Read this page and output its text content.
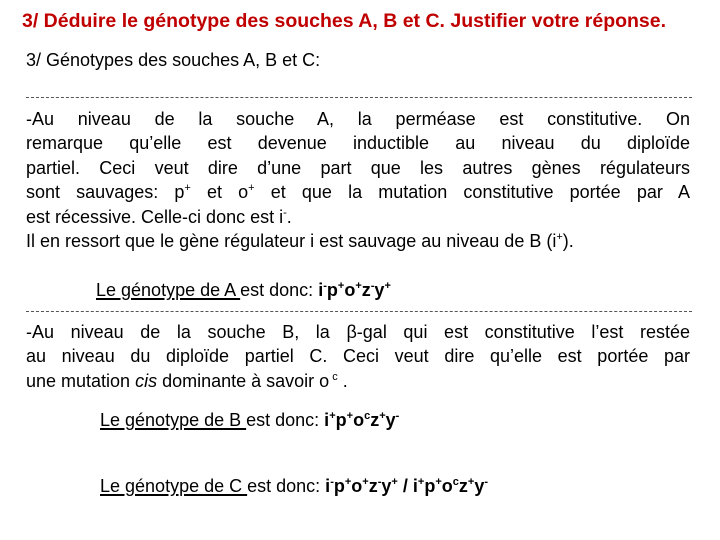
3/ Déduire le génotype des souches A, B et C. Justifier votre réponse.
3/ Génotypes des souches A, B et C:
-Au niveau de la souche A, la perméase est constitutive. On
remarque qu’elle est devenue inductible au niveau du diploïde
partiel. Ceci veut dire d’une part que les autres gènes régulateurs
sont sauvages: p+ et o+ et que la mutation constitutive portée par A
est récessive. Celle-ci donc est i-.
Il en ressort que le gène régulateur i est sauvage au niveau de B (i+).
Le génotype de A est donc: i-p+o+z-y+
-Au niveau de la souche B, la β-gal qui est constitutive l’est restée
au niveau du diploïde partiel C. Ceci veut dire qu’elle est portée par
une mutation cis dominante à savoir o $^c$ .
Le génotype de B est donc: $i^+p^+o^cz^+y^-$
Le génotype de C est donc: $i^-p^+o^+z^-y^+ / i^+p^+o^cz^+y^-$
